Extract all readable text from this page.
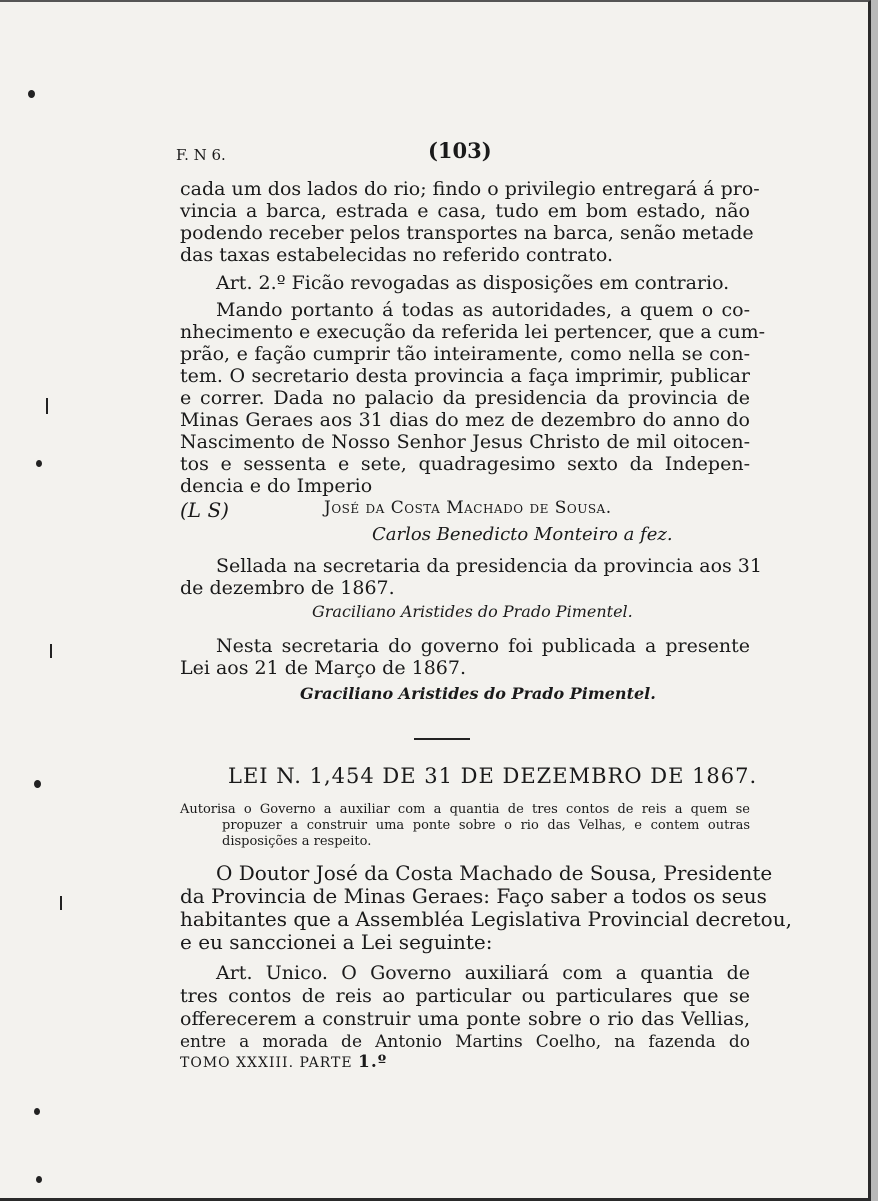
F. N 6.	(103)
cada um dos lados do rio; findo o privilegio entregará á pro-
vincia a barca, estrada e casa, tudo em bom estado, não
podendo receber pelos transportes na barca, senão metade
das taxas estabelecidas no referido contrato.
Art. 2.º Ficão revogadas as disposições em contrario.
Mando portanto á todas as autoridades, a quem o co-
nhecimento e execução da referida lei pertencer, que a cum-
prão, e fação cumprir tão inteiramente, como nella se con-
tem. O secretario desta provincia a faça imprimir, publicar
e correr. Dada no palacio da presidencia da provincia de
Minas Geraes aos 31 dias do mez de dezembro do anno do
Nascimento de Nosso Senhor Jesus Christo de mil oitocen-
tos e sessenta e sete, quadragesimo sexto da Indepen-
dencia e do Imperio
(L S)	José da Costa Machado de Sousa.
Carlos Benedicto Monteiro a fez.
Sellada na secretaria da presidencia da provincia aos 31
de dezembro de 1867.
Graciliano Aristides do Prado Pimentel.
Nesta secretaria do governo foi publicada a presente
Lei aos 21 de Março de 1867.
Graciliano Aristides do Prado Pimentel.
LEI N. 1,454 DE 31 DE DEZEMBRO DE 1867.
Autorisa o Governo a auxiliar com a quantia de tres contos de reis a quem se
propuzer a construir uma ponte sobre o rio das Velhas, e contem outras
disposições a respeito.
O Doutor José da Costa Machado de Sousa, Presidente
da Provincia de Minas Geraes: Faço saber a todos os seus
habitantes que a Assembléa Legislativa Provincial decretou,
e eu sanccionei a Lei seguinte:
Art. Unico. O Governo auxiliará com a quantia de
tres contos de reis ao particular ou particulares que se
offerecerem a construir uma ponte sobre o rio das Vellias,
entre a morada de Antonio Martins Coelho, na fazenda do
TOMO XXXIII. PARTE 1.º
